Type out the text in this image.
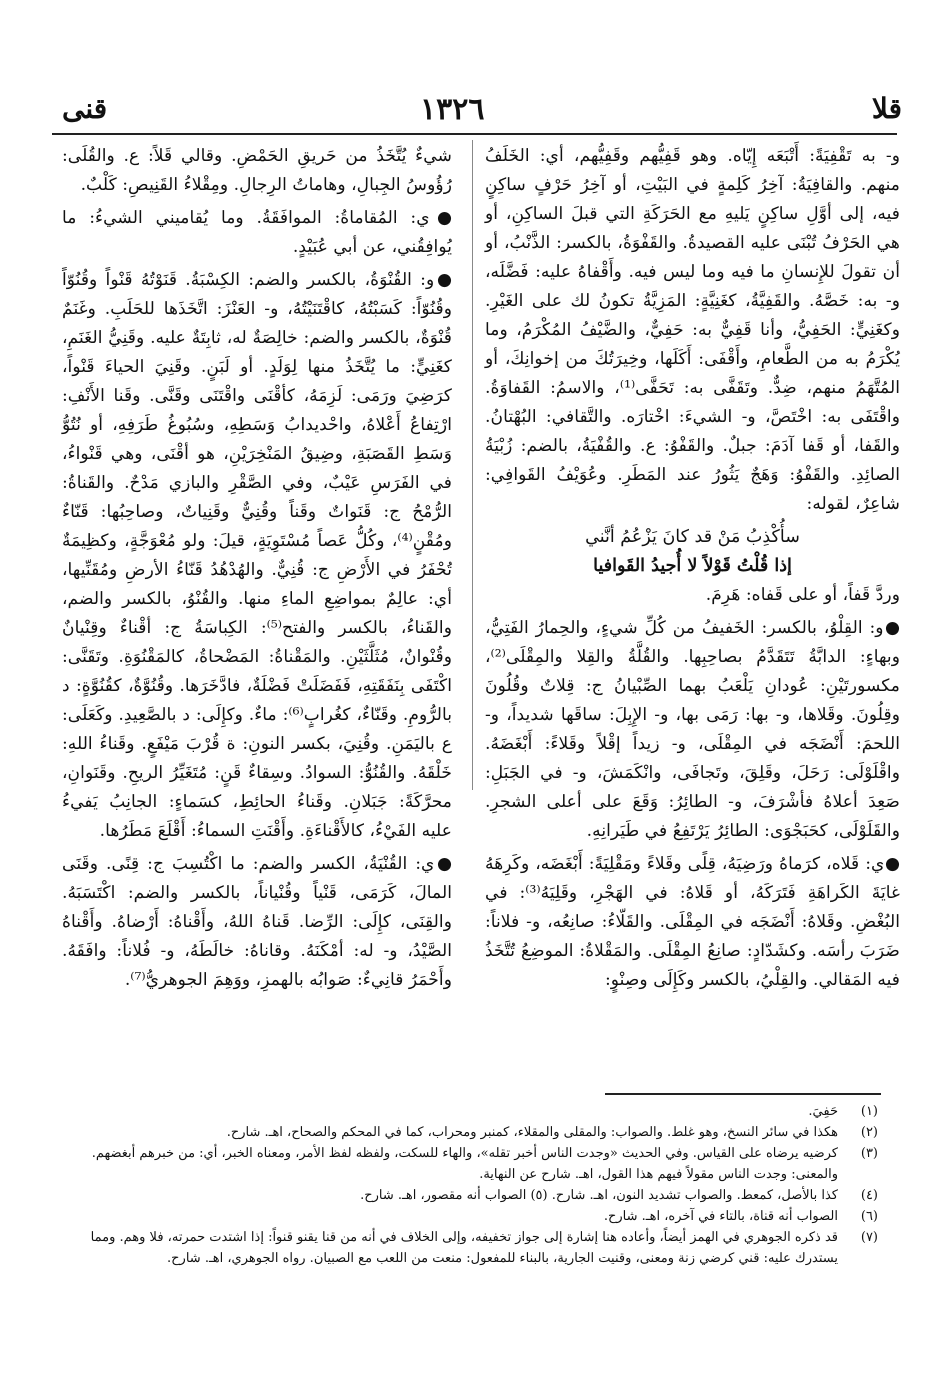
قلا
١٣٢٦
قنى

و- به تَقْفِيَةً: أَتْبَعَه إِيّاه. وهو قَفِيُّهم وقَفِيُّهم، أي: الخَلَفُ منهم. والقافِيَةُ: آخِرُ كَلِمةٍ في البَيْتِ، أو آخِرُ حَرْفٍ ساكِنٍ فيه، إلى أوَّلِ ساكِنٍ يَليهِ مع الحَرَكَةِ التي قبلَ الساكِنِ، أو هي الحَرْفُ تُبْنَى عليه القصيدةُ. والقَفْوَةُ، بالكسر: الذَّنْبُ، أو أن تقولَ للإِنسانِ ما فيه وما ليس فيه. وأَقْفاهُ عليه: فَضَّلَه، و- به: خَصَّهُ. والقَفِيَّةُ، كغَنِيَّةٍ: المَزِيَّةُ تكونُ لك على الغَيْرِ. وكغَنِيٍّ: الحَفِيُّ، وأنا قَفِيٌّ به: حَفِيٌّ، والضَّيْفُ المُكْرَمُ، وما يُكْرَمُ به من الطَّعامِ، وأَقْفَى: أَكَلَها، وخِيرَتُكَ من إخوانِكَ، أو المُتَّهَمُ منهم، ضِدٌّ. وتَقَفَّى به: تَحَفَّى⁽¹⁾، والاسمُ: القَفاوَةُ. واقْتَفَى به: اخْتَصَّ، و- الشيءَ: اخْتارَه. والتَّقافي: البُهْتانُ. والقَفا، أو قَفا آدَمَ: جبلٌ. والقَفْوُ: ع. والقُفْيَةُ، بالضم: زُبْيَةُ الصائِدِ. والقَفْوُ: وَهَجٌ يَثُورُ عند المَطَرِ. وعُوَيْفُ القَوافِي: شاعِرٌ، لقوله:

سأُكْذِبُ مَنْ قد كانَ يَزْعُمُ أنَّني

إذا قُلْتُ قَوْلاً لا أُجيدُ القَوافيا

وردَّ قَفاً، أو على قَفاه: هَرِمَ.

●و: القِلْوُ، بالكسر: الخَفيفُ من كُلِّ شيءٍ، والحِمارُ الفَتِيُّ، وبهاءٍ: الدابَّةُ تَتَقَدَّمُ بصاحِبِها. والقُلَّةُ والقِلا والمِقْلَى⁽²⁾، مكسورتَيْنِ: عُودانِ يَلْعَبُ بهما الصِّبْيانُ ج: قِلاتٌ وقُلُونَ وقِلُونَ. وقَلاها، و- بها: رَمَى بها، و- الإِبِلَ: ساقَها شديداً، و- اللحمَ: أَنْضَجَه في المِقْلَى، و- زيداً إقْلاً وقَلاءً: أَبْغَضَهُ. واقْلَوْلَى: رَحَلَ، وقَلِقَ، وتَجافَى، وانْكَمَشَ، و- في الجَبَلِ: صَعِدَ أعلاهُ فأشْرَفَ، و- الطائِرُ: وَقَعَ على أعلى الشجرِ. والقَلَوْلَى، كحَبَجْوَى: الطائِرُ يَرْتَفِعُ في طَيَرانِهِ.

●ي: قَلاه، كرَماهُ ورَضِيَهُ، قِلًى وقَلاءً ومَقْلِيَةً: أَبْغَضَه، وكَرِهَهُ غايَةَ الكَراهَةِ فَتَرَكَهُ، أو قَلاهُ: في الهَجْرِ، وقَلِيَهُ⁽³⁾: في البُغْضِ. وقَلاهُ: أَنْضَجَه في المِقْلَى. والقَلّاءُ: صانِعُه، و- فلاناً: ضَرَبَ رأسَه. وكشَدّادٍ: صانِعُ المِقْلَى. والمَقْلاةُ: الموضِعُ تُتَّخَذُ فيه المَقالي. والقِلْيُ، بالكسر وكَإِلَى وصِنْوٍ:

شيءٌ يُتَّخَذُ من حَريقِ الحَمْضِ. وقالي قَلاً: ع. والقُلَى: رُؤُوسُ الجِبالِ، وهاماتُ الرِجالِ. ومِقْلاءُ القَنِيصِ: كَلْبٌ.

●ي: المُقاماةُ: الموافَقَةُ. وما يُقاميني الشيءُ: ما يُوافِقُني، عن أبي عُبَيْدٍ.

●و: القُنْوَةُ، بالكسر والضم: الكِسْبَةُ. قَنَوْتُهُ قَنْواً وقُنُوّاً وقُنُوّاً: كَسَبْتُهُ، كاقْتَنَيْتُهُ، و- العَنْزَ: اتَّخَذَها للحَلَبِ. وغَنَمٌ قُنْوَةٌ، بالكسر والضم: خالِصَةٌ له، ثابِتَةٌ عليه. وقَنِيُّ الغَنَمِ، كغَنِيٍّ: ما يُتَّخَذُ منها لِوَلَدٍ. أو لَبَنٍ. وقَنِيَ الحياءَ قَنْواً، كرَضِيَ ورَمَى: لَزِمَهُ، كأقْنَى واقْتَنَى وقَنَّى. وقَنا الأَنْفِ: ارْتِفاعُ أَعْلاهُ، واحْديدابُ وَسَطِهِ، وسُبُوغُ طَرَفِهِ، أو نُتُوُّ وَسَطِ القَصَبَةِ، وضِيقُ المَنْخِرَيْنِ، هو أقْنَى، وهي قَنْواءُ، في الفَرَسِ عَيْبٌ، وفي الصَّقْرِ والبازي مَدْحٌ. والقَناةُ: الرُّمْحُ ج: قَنَواتٌ وقَناً وقُنِيٌّ وقَنِياتٌ، وصاحِبُها: قَنّاءٌ ومُقْنٍ⁽⁴⁾، وكُلُّ عَصاً مُسْتَوِيَةٍ، قيلَ: ولو مُعْوَجَّةٍ، وكظِيمَةٌ تُحْفَرُ في الأَرْضِ ج: قُنِيٌّ. والهُدْهُدُ قَنّاءُ الأرضِ ومُقَنِّيها، أي: عالِمٌ بمواضِعِ الماءِ منها. والقُنْوُ، بالكسر والضم، والقَناءُ، بالكسر والفتح⁽⁵⁾: الكِباسَةُ ج: أقْناءٌ وقِنْيانٌ وقُنْوانٌ، مُثَلَّثَيْنِ. والمَقْناةُ: المَضْحاةُ، كالمَقْنُوَةِ. وتَقَنَّى: اكْتَفَى بِنَفَقَتِهِ، فَفَضَلَتْ فَضْلَةٌ، فادَّخَرَها. وقُنُوَّةٌ، كقُنُوَّةٍ: د بالرُّومِ. وقَنّاءٌ، كغُرابٍ⁽⁶⁾: ماءٌ. وكإِلَى: د بالصَّعِيدِ. وكَعَلَى: ع باليَمَنِ. وقُنِيَ، بكسر النونِ: ة قُرْبَ مَيْفَعٍ. وقَناءُ اللهِ: خَلْقَهُ. والقُنُوُّ: السوادُ. وسِقاءٌ قَنٍ: مُتَغَيِّرُ الريحِ. وقَنَوانِ، محرَّكَةً: جَبَلانِ. وقَناءُ الحائِطِ، كسَماءٍ: الجانِبُ يَفيءُ عليه الفَيْءُ، كالأَقْناءَةِ. وأَقْنَتِ السماءُ: أَقْلَعَ مَطَرُها.

●ي: القُنْيَةُ، الكسر والضم: ما اكْتُسِبَ ج: قِنًى. وقَنَى المالَ، كَرَمَى، قَنْياً وقُنْياناً، بالكسر والضم: اكْتَسَبَهُ. والقِنَى، كإِلَى: الرِّضا. قَناهُ اللهُ، وأَقْناهُ: أَرْضاهُ. وأَقْناهُ الصَّيْدُ، و- له: أمْكَنَهُ. وقاناهُ: خالَطَهُ، و- فُلاناً: وافَقَهُ. وأَحْمَرُ قانِيءٌ: صَوابُه بالهمزِ، ووَهِمَ الجوهريُّ⁽⁷⁾.

(١)
حَفِيَ.
(٢)
هكذا في سائر النسخ، وهو غلط. والصواب: والمقلى والمقلاء، كمنبر ومحراب، كما في المحكم والصحاح، اهـ. شارح.
(٣)
كرضيه يرضاه على القياس. وفي الحديث «وجدت الناس أخبر تقله»، والهاء للسكت، ولفظه لفظ الأمر، ومعناه الخبر، أي: من خبرهم أبغضهم. والمعنى: وجدت الناس مقولاً فيهم هذا القول، اهـ. شارح عن النهاية.
(٤)
كذا بالأصل، كمعط. والصواب تشديد النون، اهـ. شارح. (٥) الصواب أنه مقصور، اهـ. شارح.
(٦)
الصواب أنه قناة، بالتاء في آخره، اهـ. شارح.
(٧)
قد ذكره الجوهري في الهمز أيضاً، وأعاده هنا إشارة إلى جواز تخفيفه، وإلى الخلاف في أنه من قنا يقنو قنواً: إذا اشتدت حمرته، فلا وهم. ومما يستدرك عليه: قني كرضي زنة ومعنى، وقنيت الجارية، بالبناء للمفعول: منعت من اللعب مع الصبيان. رواه الجوهري، اهـ. شارح.
